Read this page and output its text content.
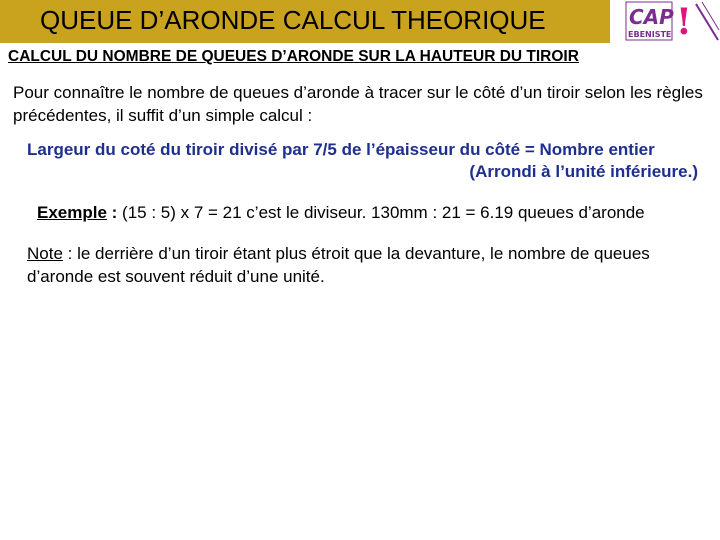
QUEUE D’ARONDE CALCUL THEORIQUE	CAP
EBENISTE !
CALCUL DU NOMBRE DE QUEUES D’ARONDE SUR LA HAUTEUR DU TIROIR
Pour connaître le nombre de queues d’aronde à tracer sur le côté d’un tiroir selon les règles précédentes, il suffit d’un simple calcul :
Largeur du coté du tiroir divisé par 7/5 de l’épaisseur du côté = Nombre entier
(Arrondi à l’unité inférieure.)
Exemple : (15 : 5) x 7 = 21 c’est le diviseur. 130mm : 21 = 6.19 queues d’aronde
Note : le derrière d’un tiroir étant plus étroit que la devanture, le nombre de queues d’aronde est souvent réduit d’une unité.
